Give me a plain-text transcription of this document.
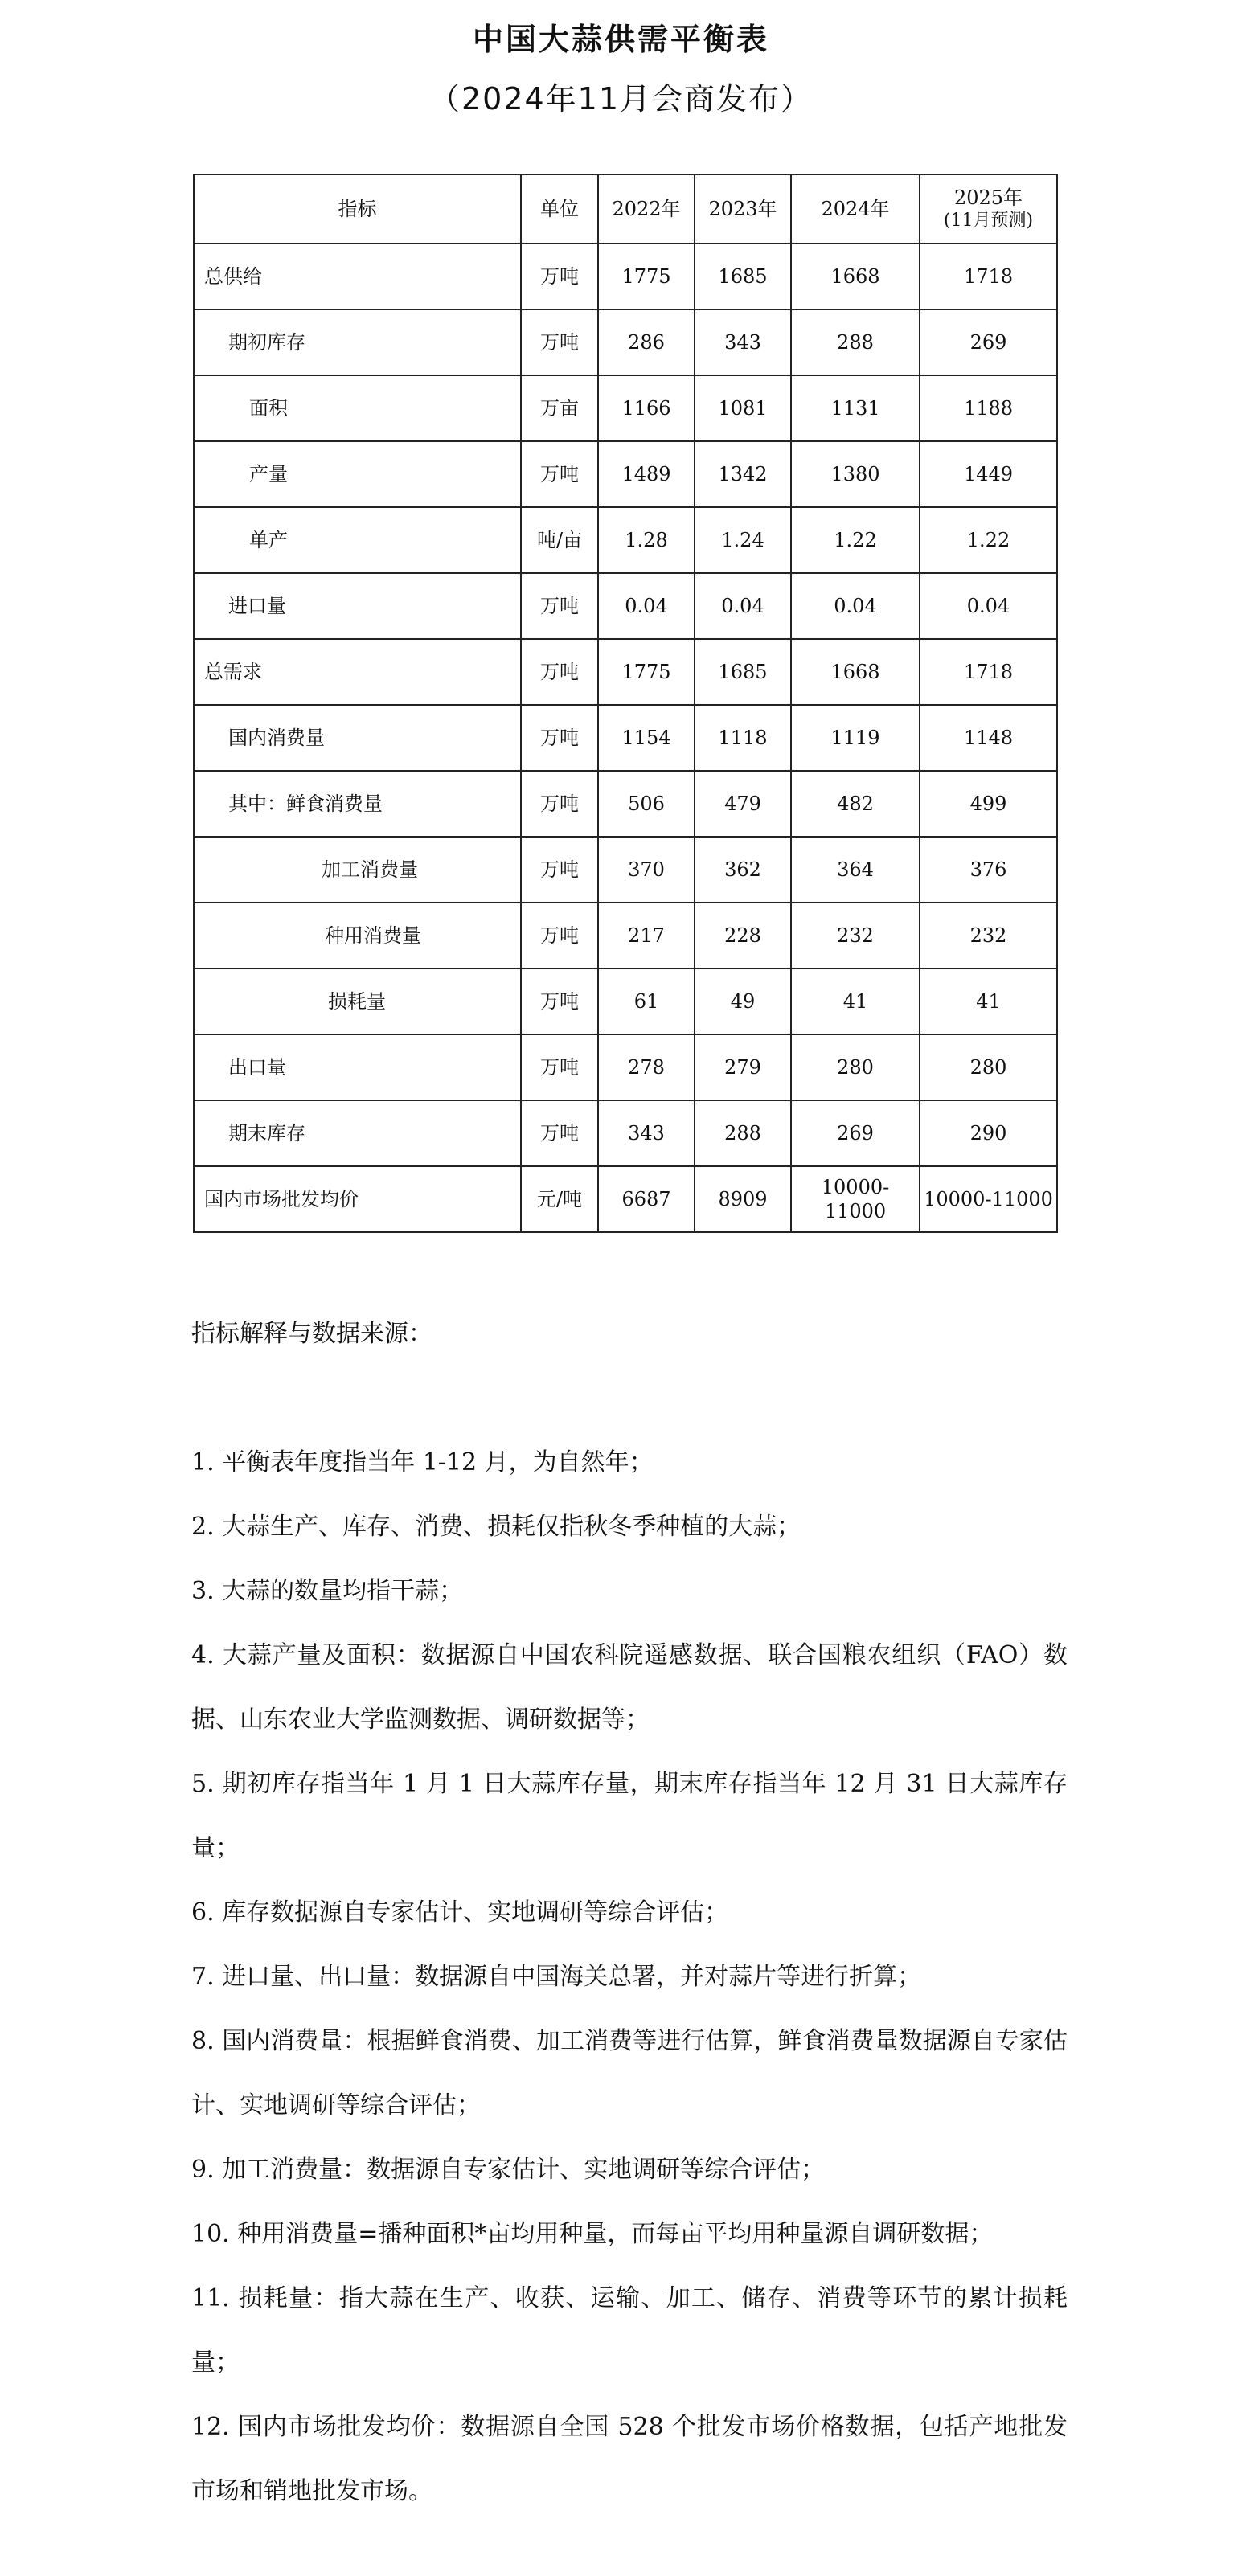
中国大蒜供需平衡表
（2024年11月会商发布）
指标	单位	2022年	2023年	2024年	2025年
(11月预测)

总供给	万吨	1775	1685	1668	1718
期初库存	万吨	286	343	288	269
面积	万亩	1166	1081	1131	1188
产量	万吨	1489	1342	1380	1449
单产	吨/亩	1.28	1.24	1.22	1.22
进口量	万吨	0.04	0.04	0.04	0.04
总需求	万吨	1775	1685	1668	1718
国内消费量	万吨	1154	1118	1119	1148
其中：鲜食消费量	万吨	506	479	482	499
加工消费量	万吨	370	362	364	376
种用消费量	万吨	217	228	232	232
损耗量	万吨	61	49	41	41
出口量	万吨	278	279	280	280
期末库存	万吨	343	288	269	290
国内市场批发均价	元/吨	6687	8909	10000-11000	10000-11000
指标解释与数据来源：

1. 平衡表年度指当年 1-12 月，为自然年；

2. 大蒜生产、库存、消费、损耗仅指秋冬季种植的大蒜；

3. 大蒜的数量均指干蒜；

4. 大蒜产量及面积：数据源自中国农科院遥感数据、联合国粮农组织（FAO）数据、山东农业大学监测数据、调研数据等；

5. 期初库存指当年 1 月 1 日大蒜库存量，期末库存指当年 12 月 31 日大蒜库存量；

6. 库存数据源自专家估计、实地调研等综合评估；

7. 进口量、出口量：数据源自中国海关总署，并对蒜片等进行折算；

8. 国内消费量：根据鲜食消费、加工消费等进行估算，鲜食消费量数据源自专家估计、实地调研等综合评估；

9. 加工消费量：数据源自专家估计、实地调研等综合评估；

10. 种用消费量=播种面积*亩均用种量，而每亩平均用种量源自调研数据；

11. 损耗量：指大蒜在生产、收获、运输、加工、储存、消费等环节的累计损耗量；

12. 国内市场批发均价：数据源自全国 528 个批发市场价格数据，包括产地批发市场和销地批发市场。
